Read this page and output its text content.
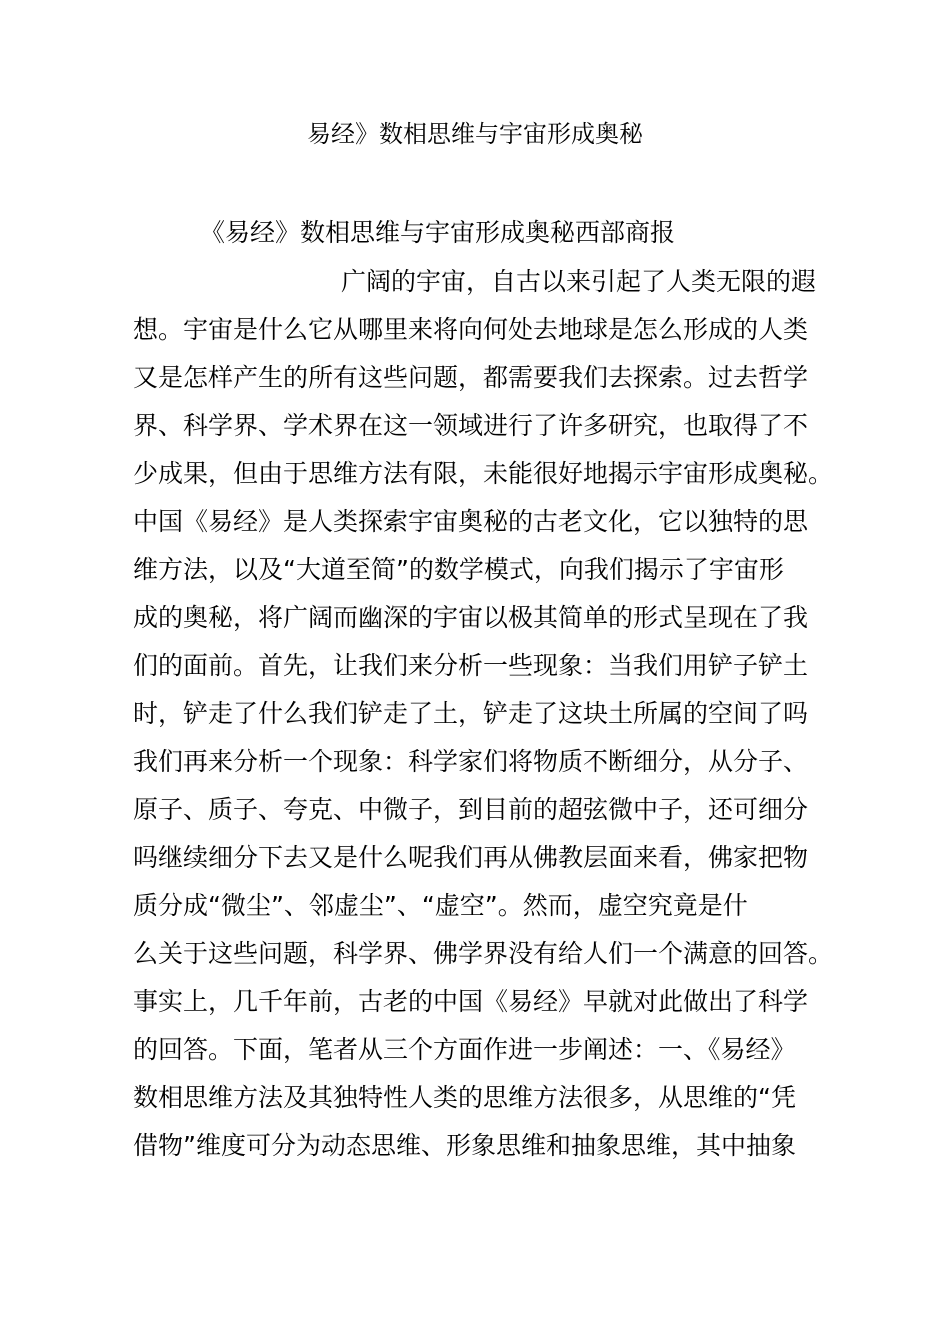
易经》数相思维与宇宙形成奥秘
《易经》数相思维与宇宙形成奥秘西部商报
广阔的宇宙，自古以来引起了人类无限的遐
想。宇宙是什么它从哪里来将向何处去地球是怎么形成的人类
又是怎样产生的所有这些问题，都需要我们去探索。过去哲学
界、科学界、学术界在这一领域进行了许多研究，也取得了不
少成果，但由于思维方法有限，未能很好地揭示宇宙形成奥秘。
中国《易经》是人类探索宇宙奥秘的古老文化，它以独特的思
维方法，以及“大道至简”的数学模式，向我们揭示了宇宙形
成的奥秘，将广阔而幽深的宇宙以极其简单的形式呈现在了我
们的面前。首先，让我们来分析一些现象：当我们用铲子铲土
时，铲走了什么我们铲走了土，铲走了这块土所属的空间了吗
我们再来分析一个现象：科学家们将物质不断细分，从分子、
原子、质子、夸克、中微子，到目前的超弦微中子，还可细分
吗继续细分下去又是什么呢我们再从佛教层面来看，佛家把物
质分成“微尘”、邻虚尘”、“虚空”。然而，虚空究竟是什
么关于这些问题，科学界、佛学界没有给人们一个满意的回答。
事实上，几千年前，古老的中国《易经》早就对此做出了科学
的回答。下面，笔者从三个方面作进一步阐述：一、《易经》
数相思维方法及其独特性人类的思维方法很多，从思维的“凭
借物”维度可分为动态思维、形象思维和抽象思维，其中抽象
